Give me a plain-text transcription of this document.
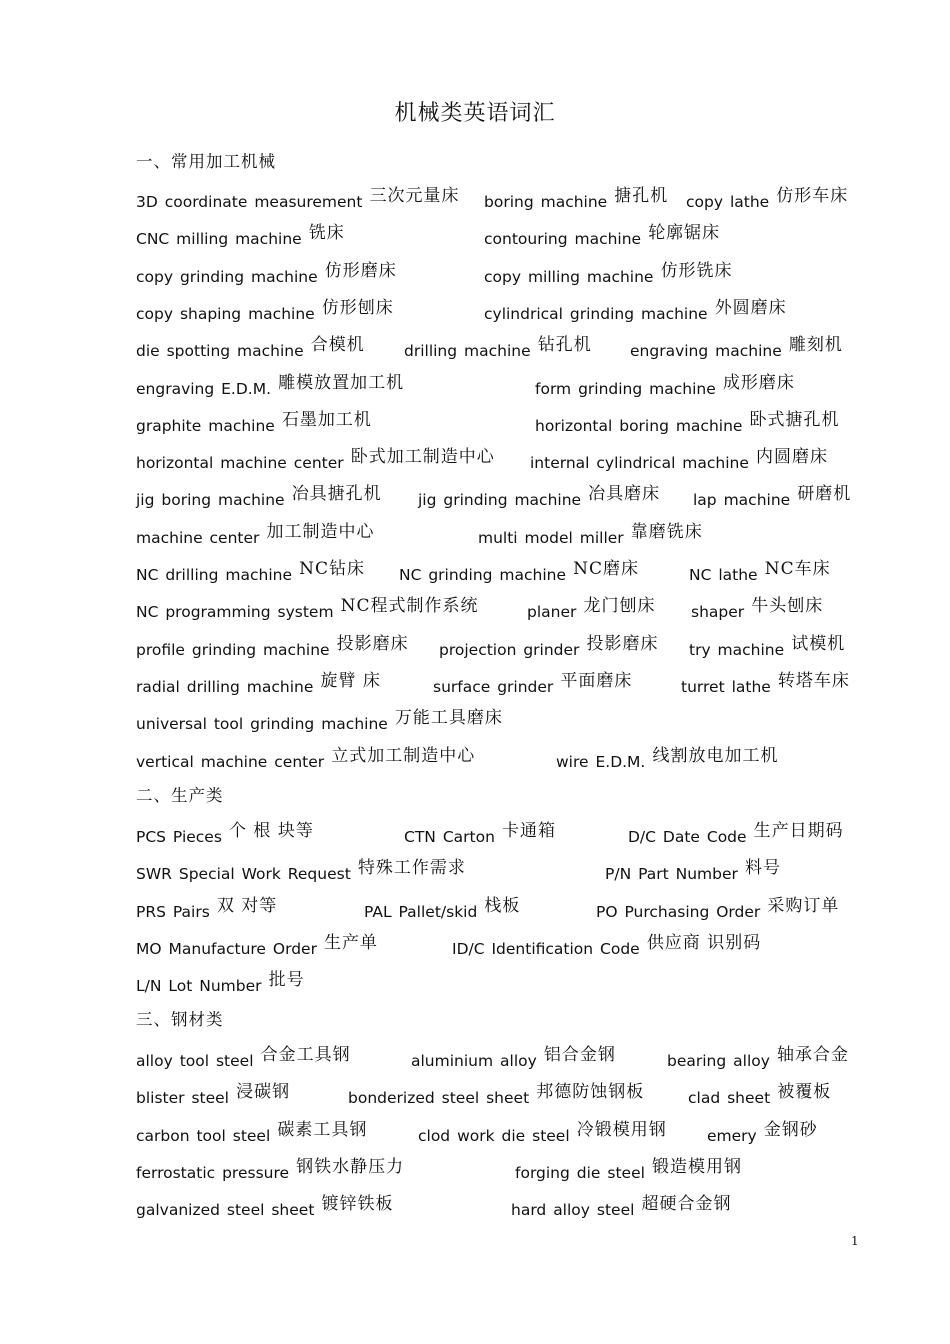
机械类英语词汇
一、常用加工机械
3D coordinate measurement 三次元量床 boring machine 搪孔机 copy lathe 仿形车床
CNC milling machine 铣床	contouring machine 轮廓锯床
copy grinding machine 仿形磨床	copy milling machine 仿形铣床
copy shaping machine 仿形刨床	cylindrical grinding machine 外圆磨床
die spotting machine 合模机	drilling machine 钻孔机 engraving machine 雕刻机
engraving E.D.M. 雕模放置加工机	form grinding machine 成形磨床
graphite machine 石墨加工机	horizontal boring machine 卧式搪孔机
horizontal machine center 卧式加工制造中心 internal cylindrical machine 内圆磨床
jig boring machine 冶具搪孔机 jig grinding machine 冶具磨床 lap machine 研磨机
machine center 加工制造中心	multi model miller 靠磨铣床
NC drilling machine NC钻床 NC grinding machine NC磨床	NC lathe NC车床
NC programming system NC程式制作系统	planer 龙门刨床 shaper 牛头刨床
profile grinding machine 投影磨床 projection grinder 投影磨床 try machine 试模机
radial drilling machine 旋臂 床	surface grinder 平面磨床	turret lathe 转塔车床
universal tool grinding machine 万能工具磨床
vertical machine center 立式加工制造中心	wire E.D.M. 线割放电加工机
二、生产类
PCS Pieces 个 根 块等	CTN Carton 卡通箱	D/C Date Code 生产日期码
SWR Special Work Request 特殊工作需求	P/N Part Number 料号
PRS Pairs 双 对等	PAL Pallet/skid 栈板	PO Purchasing Order 采购订单
MO Manufacture Order 生产单	ID/C Identification Code 供应商 识别码
L/N Lot Number 批号
三、钢材类
alloy tool steel 合金工具钢	aluminium alloy 铝合金钢	bearing alloy 轴承合金
blister steel 浸碳钢	bonderized steel sheet 邦德防蚀钢板	clad sheet 被覆板
carbon tool steel 碳素工具钢	clod work die steel 冷锻模用钢	emery 金钢砂
ferrostatic pressure 钢铁水静压力	forging die steel 锻造模用钢
galvanized steel sheet 镀锌铁板	hard alloy steel 超硬合金钢
1
